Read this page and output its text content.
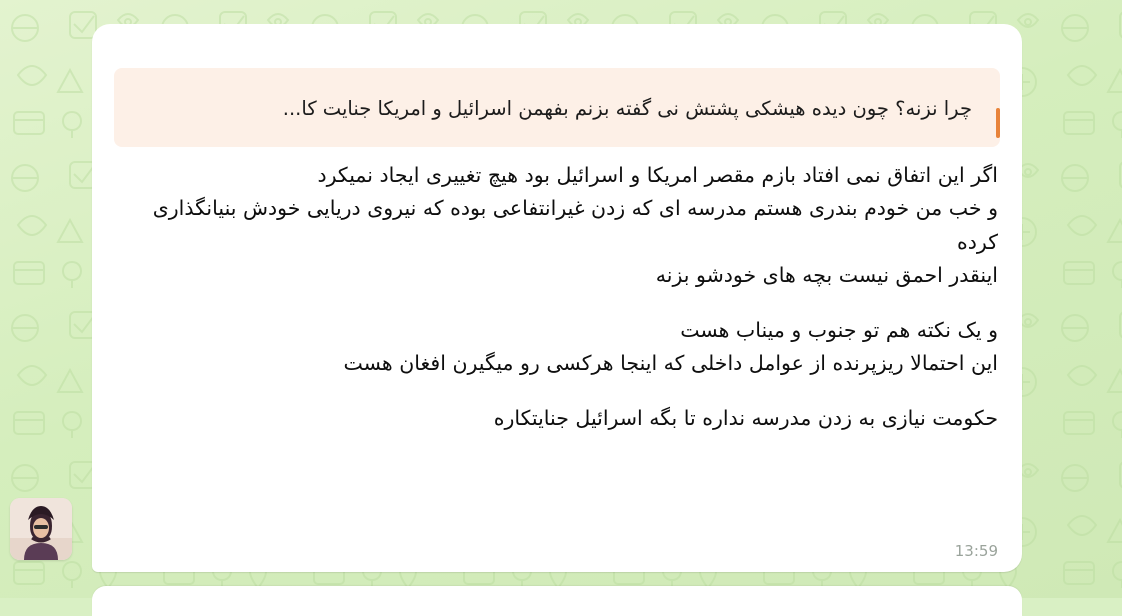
چرا نزنه؟ چون دیده هیشکی پشتش نی گفته بزنم بفهمن اسرائیل و امریکا جنایت کا...

اگر این اتفاق نمی افتاد بازم مقصر امریکا و اسرائیل بود هیچ تغییری ایجاد نمیکرد

و خب من خودم بندری هستم مدرسه ای که زدن غیرانتفاعی بوده که نیروی دریایی خودش بنیانگذاری کرده

اینقدر احمق نیست بچه های خودشو بزنه

و یک نکته هم تو جنوب و میناب هست

این احتمالا ریزپرنده از عوامل داخلی که اینجا هرکسی رو میگیرن افغان هست

حکومت نیازی به زدن مدرسه نداره تا بگه اسرائیل جنایتکاره

13:59
